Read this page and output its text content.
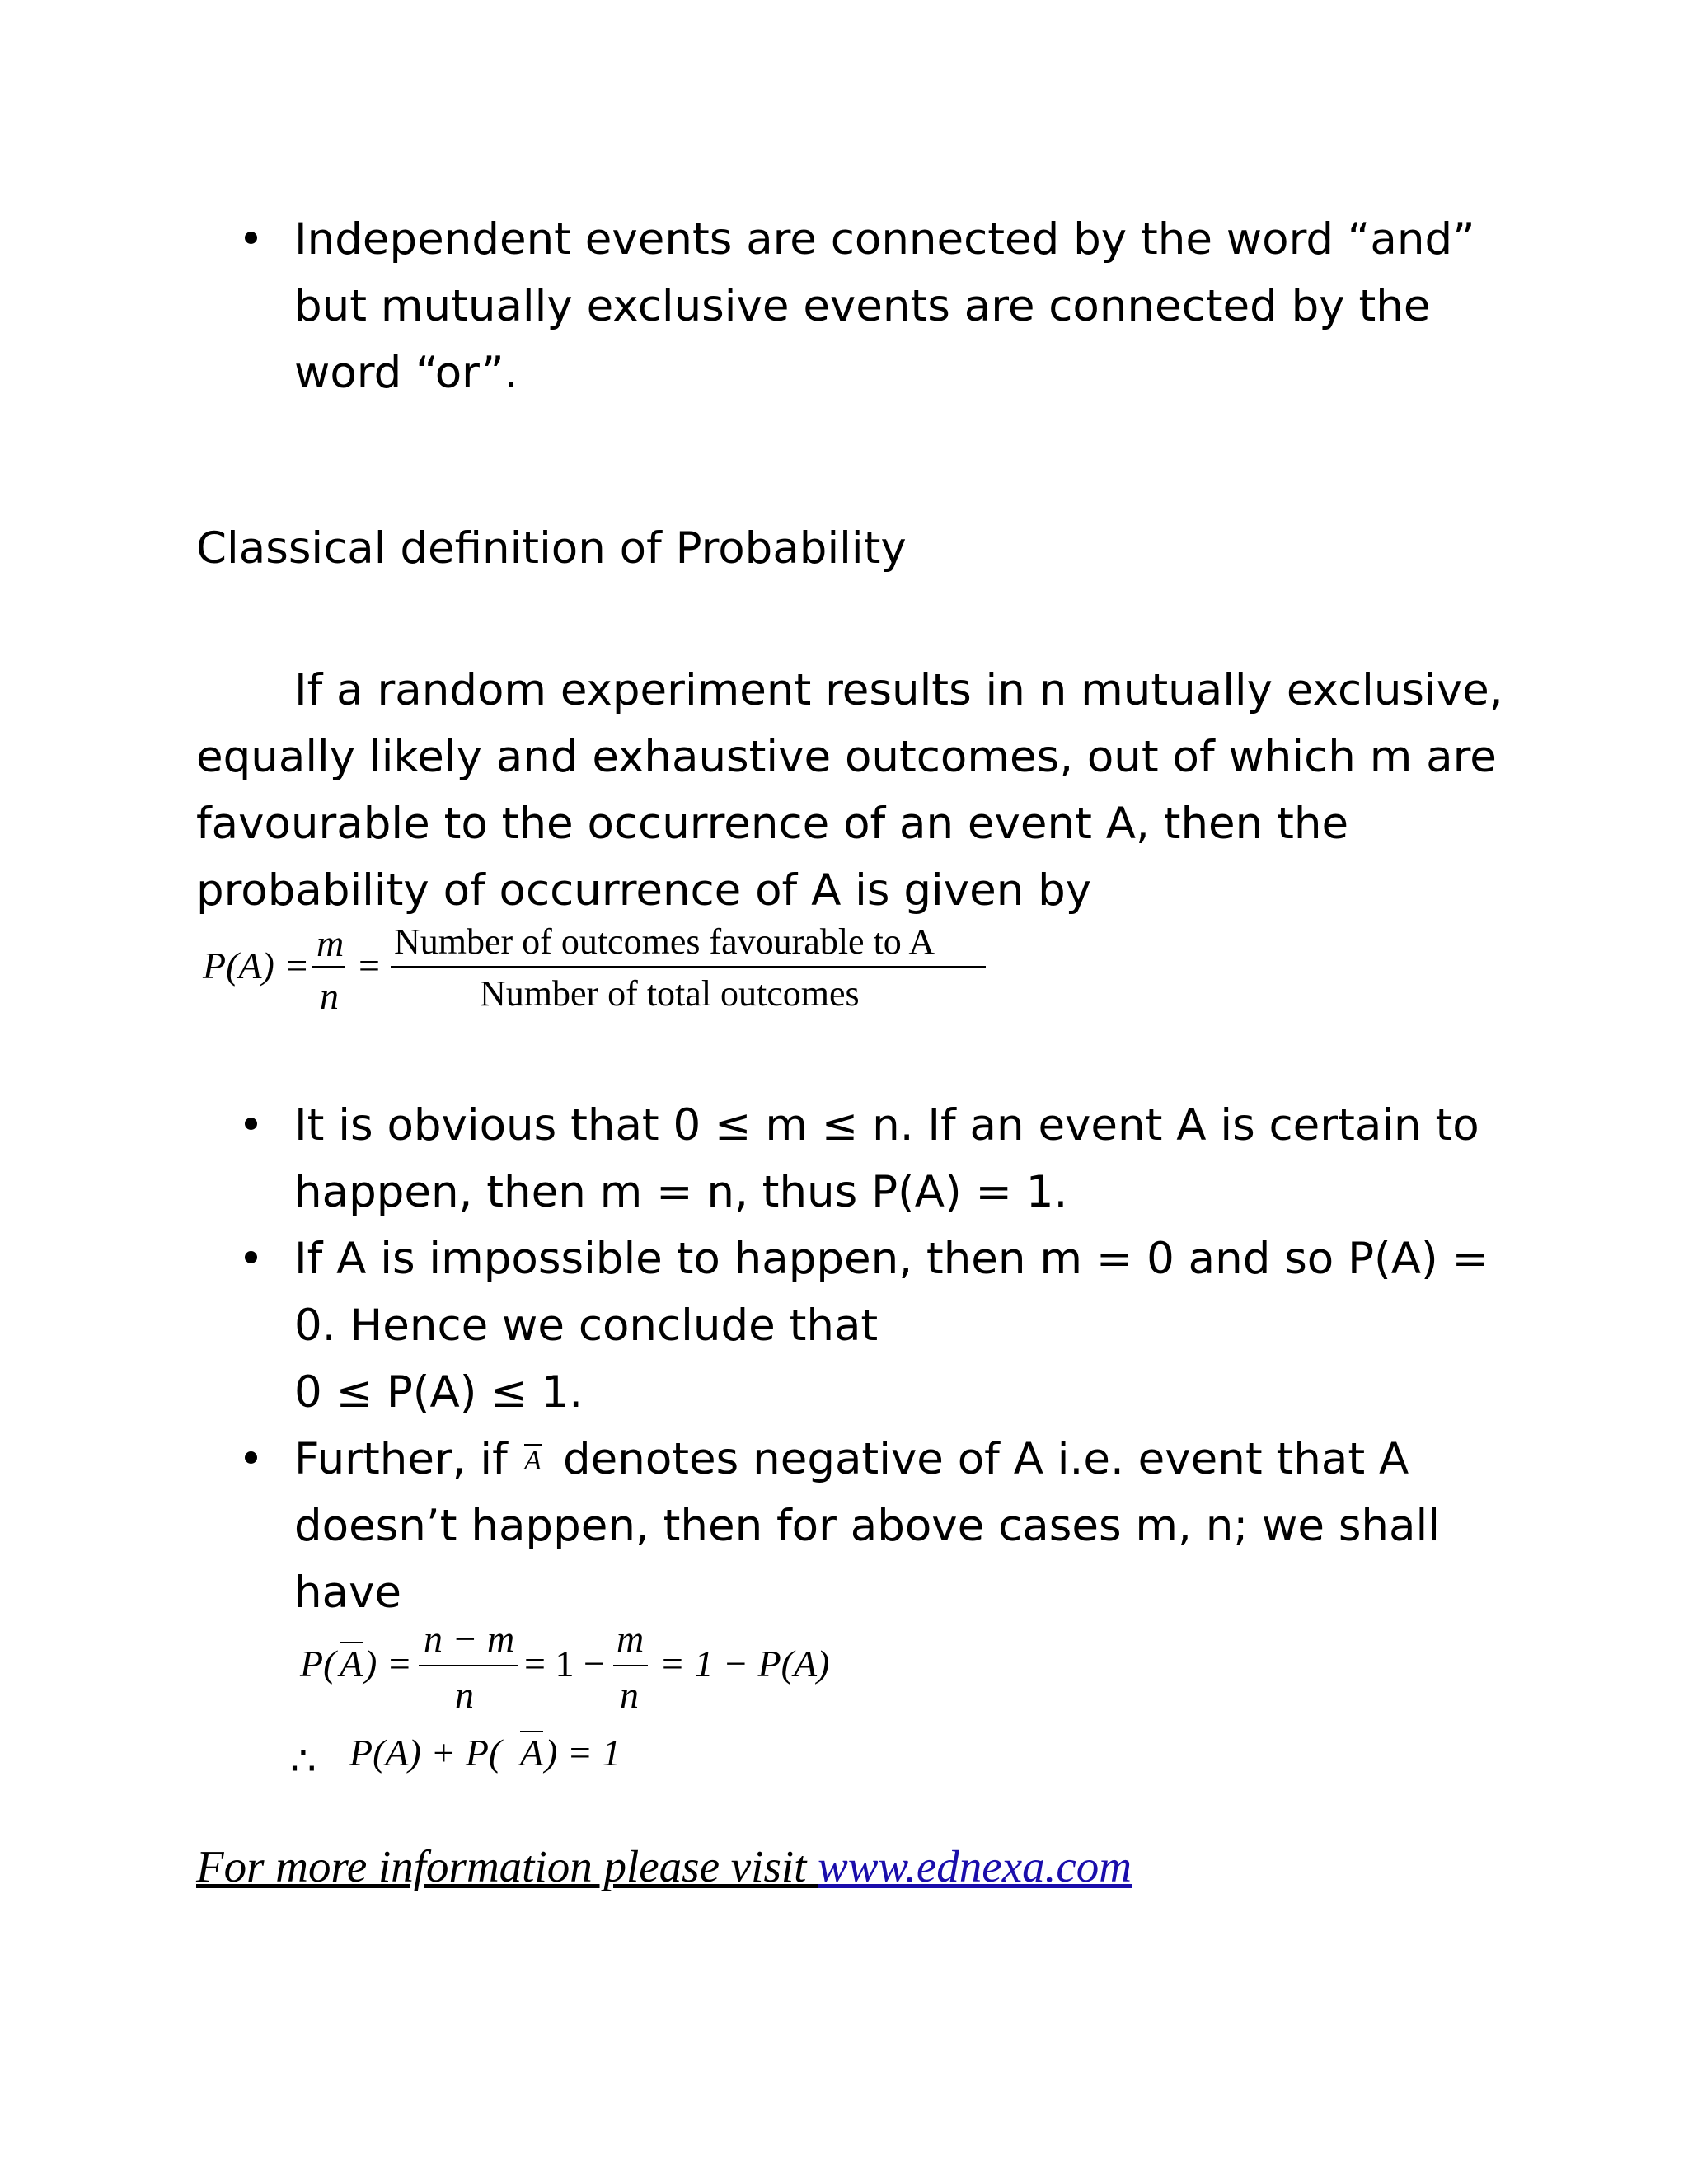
Independent events are connected by the word “and”
but mutually exclusive events are connected by the
word “or”.
Classical definition of Probability
If a random experiment results in n mutually exclusive,
equally likely and exhaustive outcomes, out of which m are
favourable to the occurrence of an event A, then the
probability of occurrence of A is given by
P(A) =
m
n
=
Number of outcomes favourable to A
Number of total outcomes
It is obvious that 0 ≤ m ≤ n. If an event A is certain to
happen, then m = n, thus P(A) = 1.
If A is impossible to happen, then m = 0 and so P(A) =
0. Hence we conclude that
0 ≤ P(A) ≤ 1.
Further, if A denotes negative of A i.e. event that A
doesn’t happen, then for above cases m, n; we shall
have
P( A ) =
n − m
n
= 1 −
m
n
= 1 − P(A)
∴ P(A) + P( A ) = 1
For more information please visit www.ednexa.com
